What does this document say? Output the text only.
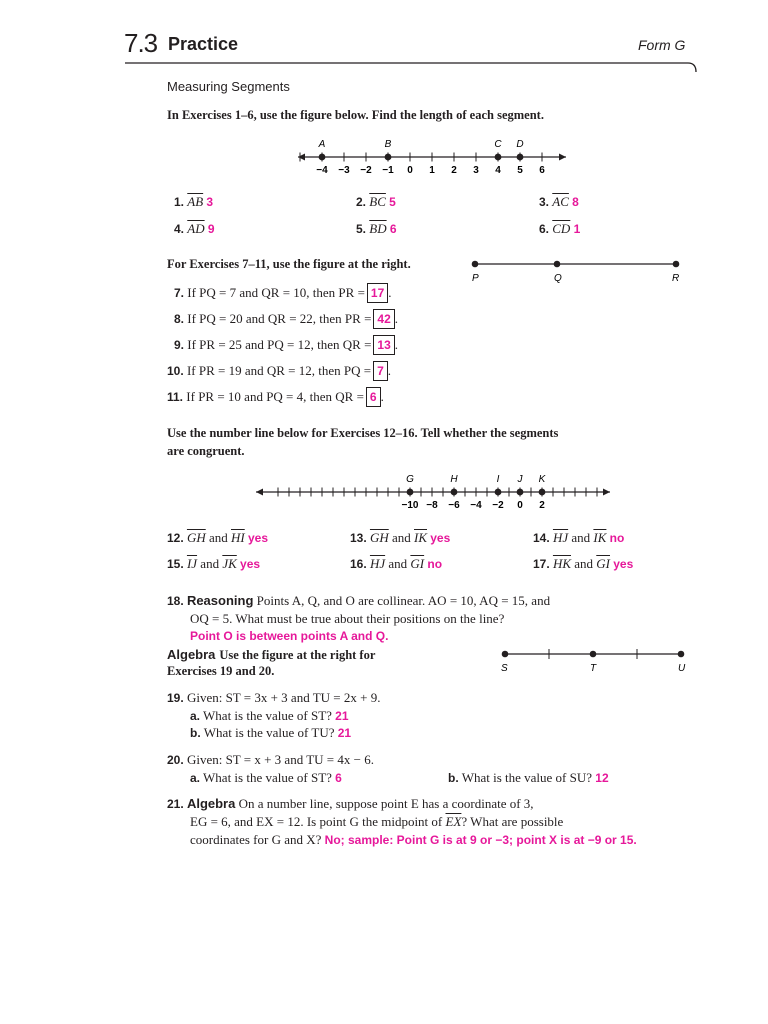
7.3 Practice	Form G
Measuring Segments
In Exercises 1–6, use the figure below. Find the length of each segment.
−4 −3 −2 −1 0 1 2 3 4 5 6
A	B	C D
1. $\overline{AB}$ 3	2. $\overline{BC}$ 5	3. $\overline{AC}$ 8
4. $\overline{AD}$ 9	5. $\overline{BD}$ 6	6. $\overline{CD}$ 1
For Exercises 7–11, use the figure at the right.
P	Q	R
7. If PQ = 7 and QR = 10, then PR = 17 .
8. If PQ = 20 and QR = 22, then PR = 42 .
9. If PR = 25 and PQ = 12, then QR = 13 .
10. If PR = 19 and QR = 12, then PQ = 7 .
11. If PR = 10 and PQ = 4, then QR = 6 .
Use the number line below for Exercises 12–16. Tell whether the segments
are congruent.
−10 −8 −6 −4 −2 0 2
G	H	I J K
12. $\overline{GH}$ and $\overline{HI}$ yes	13. $\overline{GH}$ and $\overline{IK}$ yes	14. $\overline{HJ}$ and $\overline{IK}$ no
15. $\overline{IJ}$ and $\overline{JK}$ yes	16. $\overline{HJ}$ and $\overline{GI}$ no	17. $\overline{HK}$ and $\overline{GI}$ yes
18. Reasoning Points A, Q, and O are collinear. AO = 10, AQ = 15, and
OQ = 5. What must be true about their positions on the line?
Point O is between points A and Q.
Algebra Use the figure at the right for
Exercises 19 and 20.	S	T	U
19. Given: ST = 3x + 3 and TU = 2x + 9.
a. What is the value of ST? 21
b. What is the value of TU? 21
20. Given: ST = x + 3 and TU = 4x − 6.
a. What is the value of ST? 6	b. What is the value of SU? 12
21. Algebra On a number line, suppose point E has a coordinate of 3,
EG = 6, and EX = 12. Is point G the midpoint of $\overline{EX}$? What are possible
coordinates for G and X? No; sample: Point G is at 9 or −3; point X is at −9 or 15.
